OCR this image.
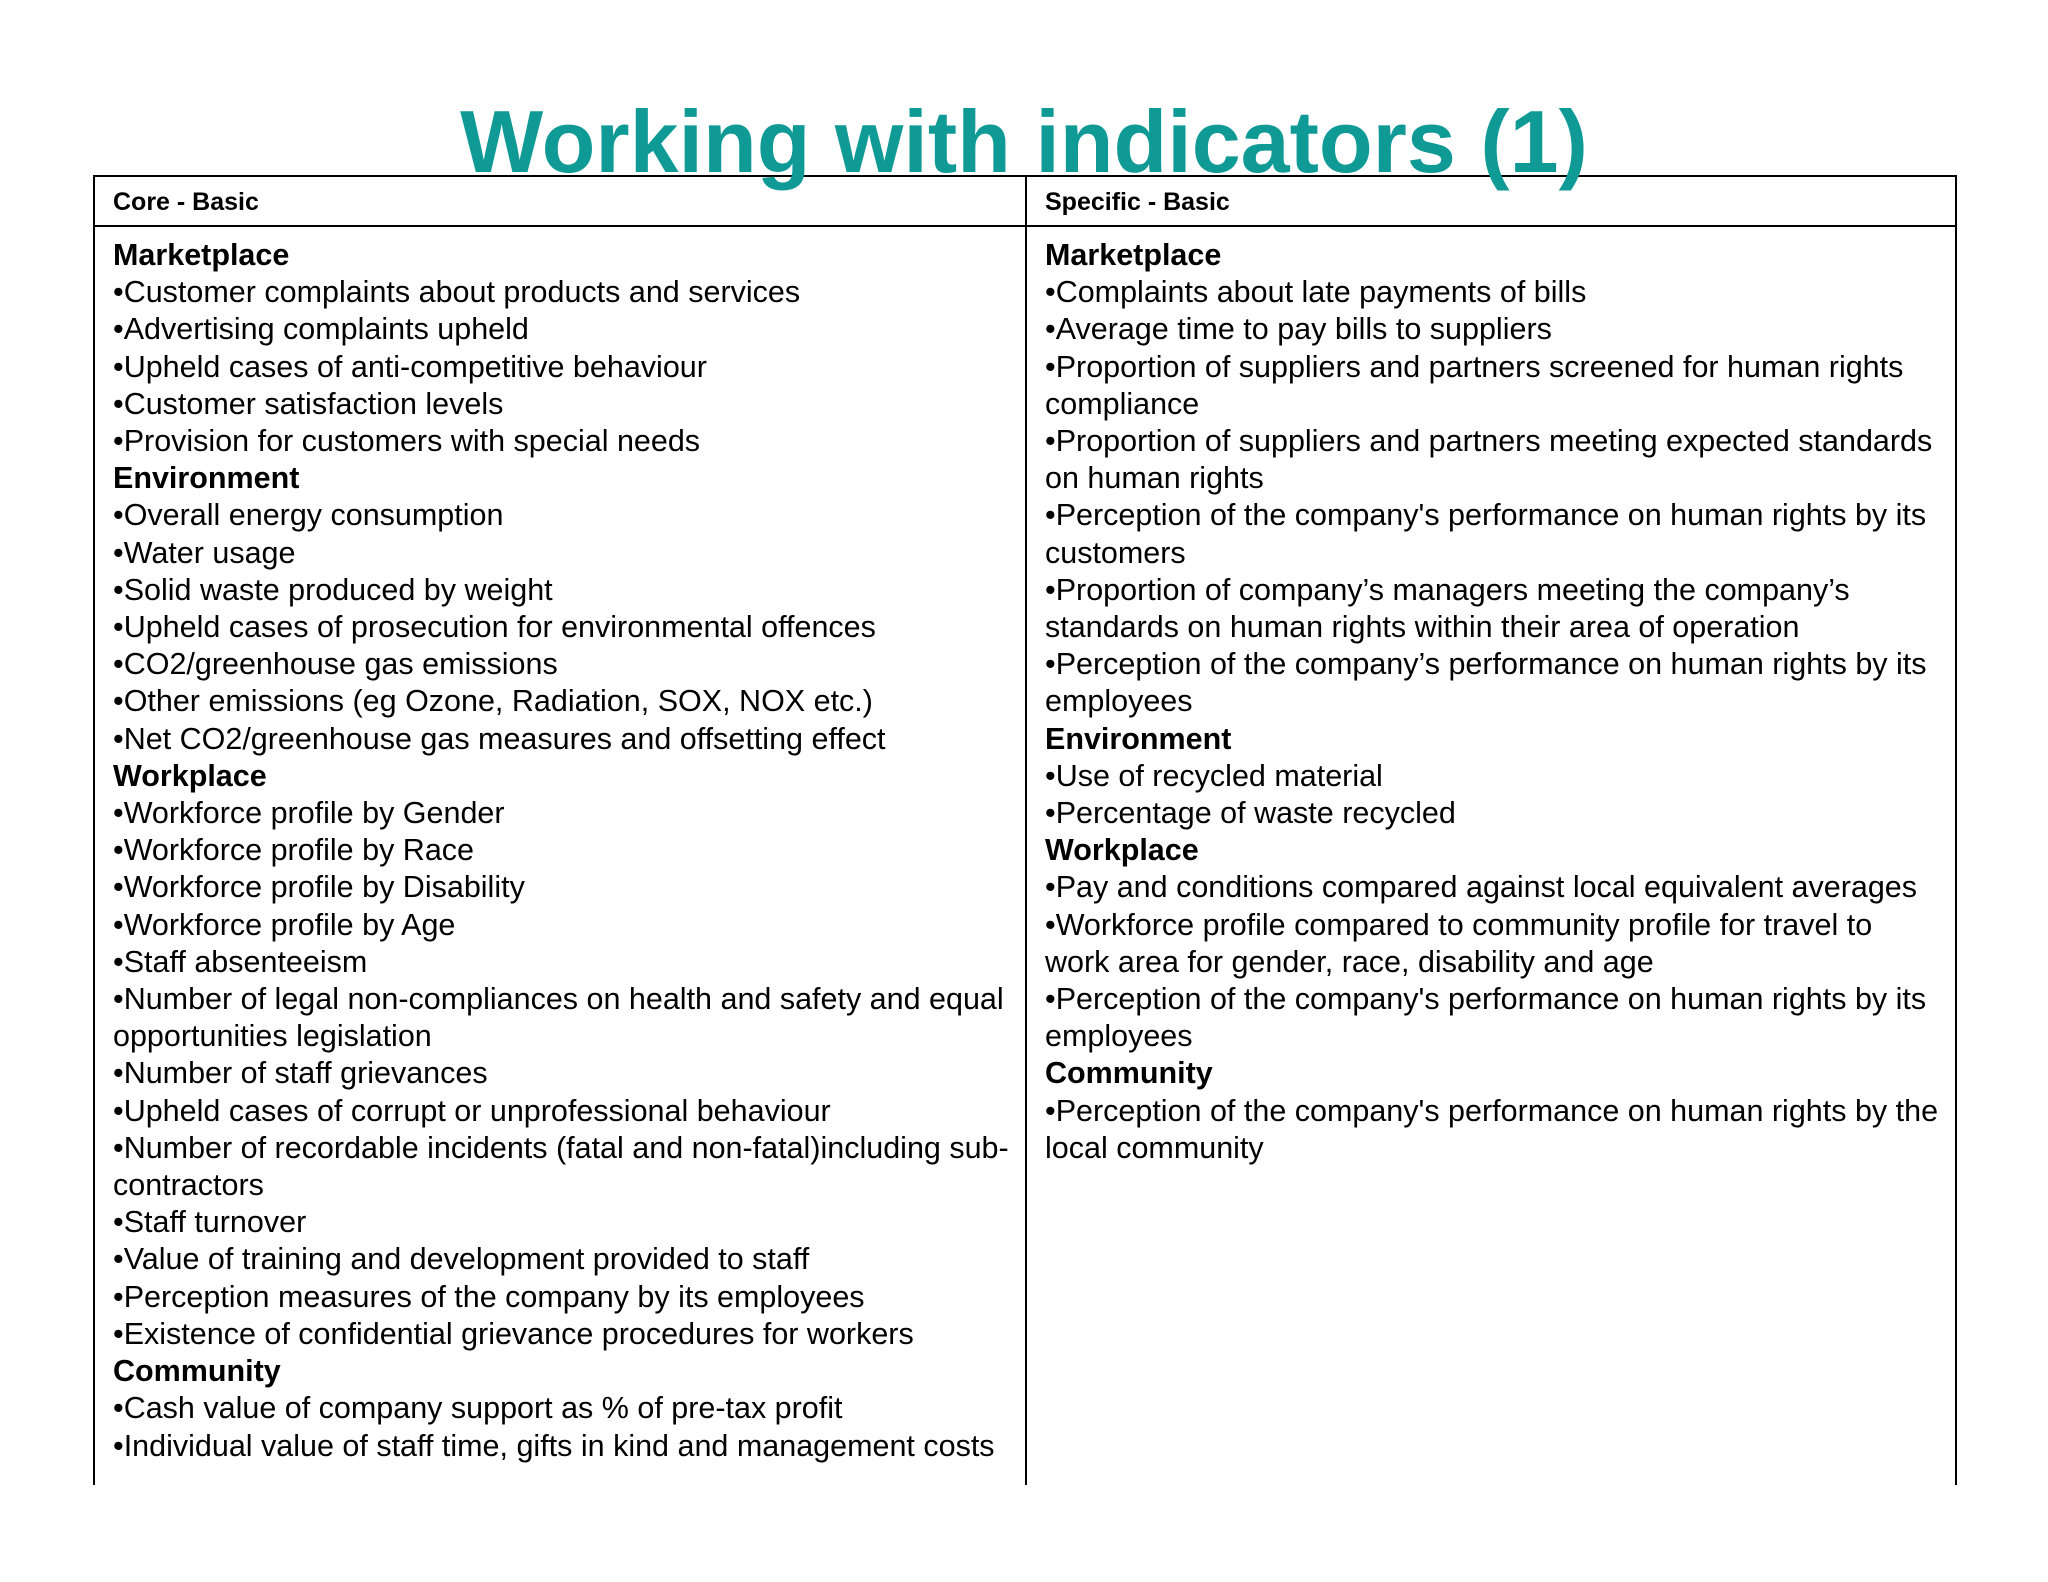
Working with indicators (1)
Core - Basic	Specific - Basic
Marketplace
•Customer complaints about products and services
•Advertising complaints upheld
•Upheld cases of anti-competitive behaviour
•Customer satisfaction levels
•Provision for customers with special needs
Environment
•Overall energy consumption
•Water usage
•Solid waste produced by weight
•Upheld cases of prosecution for environmental offences
•CO2/greenhouse gas emissions
•Other emissions (eg Ozone, Radiation, SOX, NOX etc.)
•Net CO2/greenhouse gas measures and offsetting effect
Workplace
•Workforce profile by Gender
•Workforce profile by Race
•Workforce profile by Disability
•Workforce profile by Age
•Staff absenteeism
•Number of legal non-compliances on health and safety and equal opportunities legislation
•Number of staff grievances
•Upheld cases of corrupt or unprofessional behaviour
•Number of recordable incidents (fatal and non-fatal)including sub-contractors
•Staff turnover
•Value of training and development provided to staff
•Perception measures of the company by its employees
•Existence of confidential grievance procedures for workers
Community
•Cash value of company support as % of pre-tax profit
•Individual value of staff time, gifts in kind and management costs
Marketplace
•Complaints about late payments of bills
•Average time to pay bills to suppliers
•Proportion of suppliers and partners screened for human rights compliance
•Proportion of suppliers and partners meeting expected standards on human rights
•Perception of the company's performance on human rights by its customers
•Proportion of company’s managers meeting the company’s standards on human rights within their area of operation
•Perception of the company’s performance on human rights by its employees
Environment
•Use of recycled material
•Percentage of waste recycled
Workplace
•Pay and conditions compared against local equivalent averages
•Workforce profile compared to community profile for travel to work area for gender, race, disability and age
•Perception of the company's performance on human rights by its employees
Community
•Perception of the company's performance on human rights by the local community
